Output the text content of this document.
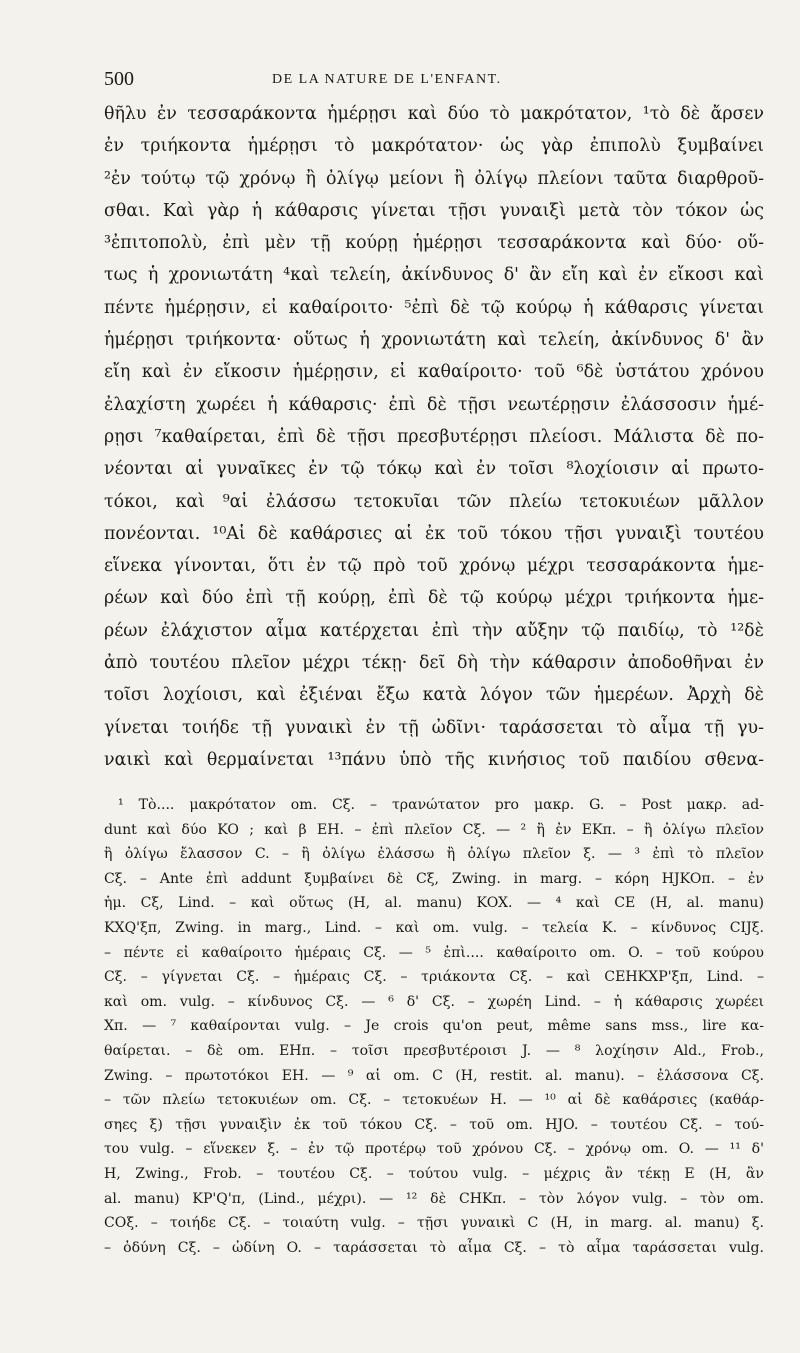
500	DE LA NATURE DE L'ENFANT.
θῆλυ ἐν τεσσαράκοντα ἡμέρῃσι καὶ δύο τὸ μακρότατον, ¹τὸ δὲ ἄρσεν
ἐν τριήκοντα ἡμέρῃσι τὸ μακρότατον· ὡς γὰρ ἐπιπολὺ ξυμβαίνει
²ἐν τούτῳ τῷ χρόνῳ ἢ ὀλίγῳ μείονι ἢ ὀλίγῳ πλείονι ταῦτα διαρθροῦ-
σθαι. Καὶ γὰρ ἡ κάθαρσις γίνεται τῇσι γυναιξὶ μετὰ τὸν τόκον ὡς
³ἐπιτοπολὺ, ἐπὶ μὲν τῇ κούρῃ ἡμέρῃσι τεσσαράκοντα καὶ δύο· οὕ-
τως ἡ χρονιωτάτη ⁴καὶ τελείη, ἀκίνδυνος δ' ἂν εἴη καὶ ἐν εἴκοσι καὶ
πέντε ἡμέρῃσιν, εἰ καθαίροιτο· ⁵ἐπὶ δὲ τῷ κούρῳ ἡ κάθαρσις γίνεται
ἡμέρῃσι τριήκοντα· οὕτως ἡ χρονιωτάτη καὶ τελείη, ἀκίνδυνος δ' ἂν
εἴη καὶ ἐν εἴκοσιν ἡμέρῃσιν, εἰ καθαίροιτο· τοῦ ⁶δὲ ὑστάτου χρόνου
ἐλαχίστη χωρέει ἡ κάθαρσις· ἐπὶ δὲ τῇσι νεωτέρῃσιν ἐλάσσοσιν ἡμέ-
ρῃσι ⁷καθαίρεται, ἐπὶ δὲ τῇσι πρεσβυτέρῃσι πλείοσι. Μάλιστα δὲ πο-
νέονται αἱ γυναῖκες ἐν τῷ τόκῳ καὶ ἐν τοῖσι ⁸λοχίοισιν αἱ πρωτο-
τόκοι, καὶ ⁹αἱ ἐλάσσω τετοκυῖαι τῶν πλείω τετοκυιέων μᾶλλον
πονέονται. ¹⁰Αἱ δὲ καθάρσιες αἱ ἐκ τοῦ τόκου τῇσι γυναιξὶ τουτέου
εἵνεκα γίνονται, ὅτι ἐν τῷ πρὸ τοῦ χρόνῳ μέχρι τεσσαράκοντα ἡμε-
ρέων καὶ δύο ἐπὶ τῇ κούρῃ, ἐπὶ δὲ τῷ κούρῳ μέχρι τριήκοντα ἡμε-
ρέων ἐλάχιστον αἷμα κατέρχεται ἐπὶ τὴν αὔξην τῷ παιδίῳ, τὸ ¹²δὲ
ἀπὸ τουτέου πλεῖον μέχρι τέκῃ· δεῖ δὴ τὴν κάθαρσιν ἀποδοθῆναι ἐν
τοῖσι λοχίοισι, καὶ ἐξιέναι ἔξω κατὰ λόγον τῶν ἡμερέων. Ἀρχὴ δὲ
γίνεται τοιήδε τῇ γυναικὶ ἐν τῇ ὠδῖνι· ταράσσεται τὸ αἷμα τῇ γυ-
ναικὶ καὶ θερμαίνεται ¹³πάνυ ὑπὸ τῆς κινήσιος τοῦ παιδίου σθενα-
¹ Τὸ.... μακρότατον om. Cξ. – τρανώτατον pro μακρ. G. – Post μακρ. ad-
dunt καὶ δύο KO ; καὶ β EH. – ἐπὶ πλεῖον Cξ. — ² ἢ ἐν EKπ. – ἢ ὀλίγω πλεῖον
ἢ ὀλίγω ἔλασσον C. – ἢ ὀλίγω ἐλάσσω ἢ ὀλίγω πλεῖον ξ. — ³ ἐπὶ τὸ πλεῖον
Cξ. – Ante ἐπὶ addunt ξυμβαίνει δὲ Cξ, Zwing. in marg. – κόρη HJKOπ. – ἐν
ἡμ. Cξ, Lind. – καὶ οὕτως (H, al. manu) KOX. — ⁴ καὶ CE (H, al. manu)
KXQ'ξπ, Zwing. in marg., Lind. – καὶ om. vulg. – τελεία K. – κίνδυνος CIJξ.
– πέντε εἰ καθαίροιτο ἡμέραις Cξ. — ⁵ ἐπὶ.... καθαίροιτο om. O. – τοῦ κούρου
Cξ. – γίγνεται Cξ. – ἡμέραις Cξ. – τριάκοντα Cξ. – καὶ CEHKXP'ξπ, Lind. –
καὶ om. vulg. – κίνδυνος Cξ. — ⁶ δ' Cξ. – χωρέη Lind. – ἡ κάθαρσις χωρέει
Xπ. — ⁷ καθαίρονται vulg. – Je crois qu'on peut, même sans mss., lire κα-
θαίρεται. – δὲ om. EHπ. – τοῖσι πρεσβυτέροισι J. — ⁸ λοχίησιν Ald., Frob.,
Zwing. – πρωτοτόκοι EH. — ⁹ αἱ om. C (H, restit. al. manu). – ἐλάσσονα Cξ.
– τῶν πλείω τετοκυιέων om. Cξ. – τετοκυέων H. — ¹⁰ αἱ δὲ καθάρσιες (καθάρ-
σηες ξ) τῇσι γυναιξὶν ἐκ τοῦ τόκου Cξ. – τοῦ om. HJO. – τουτέου Cξ. – τού-
του vulg. – εἵνεκεν ξ. – ἐν τῷ προτέρῳ τοῦ χρόνου Cξ. – χρόνῳ om. O. — ¹¹ δ'
H, Zwing., Frob. – τουτέου Cξ. – τούτου vulg. – μέχρις ἂν τέκῃ E (H, ἂν
al. manu) KP'Q'π, (Lind., μέχρι). — ¹² δὲ CHKπ. – τὸν λόγον vulg. – τὸν om.
COξ. – τοιήδε Cξ. – τοιαύτη vulg. – τῇσι γυναικὶ C (H, in marg. al. manu) ξ.
– ὀδύνη Cξ. – ὠδίνη O. – ταράσσεται τὸ αἷμα Cξ. – τὸ αἷμα ταράσσεται vulg.
